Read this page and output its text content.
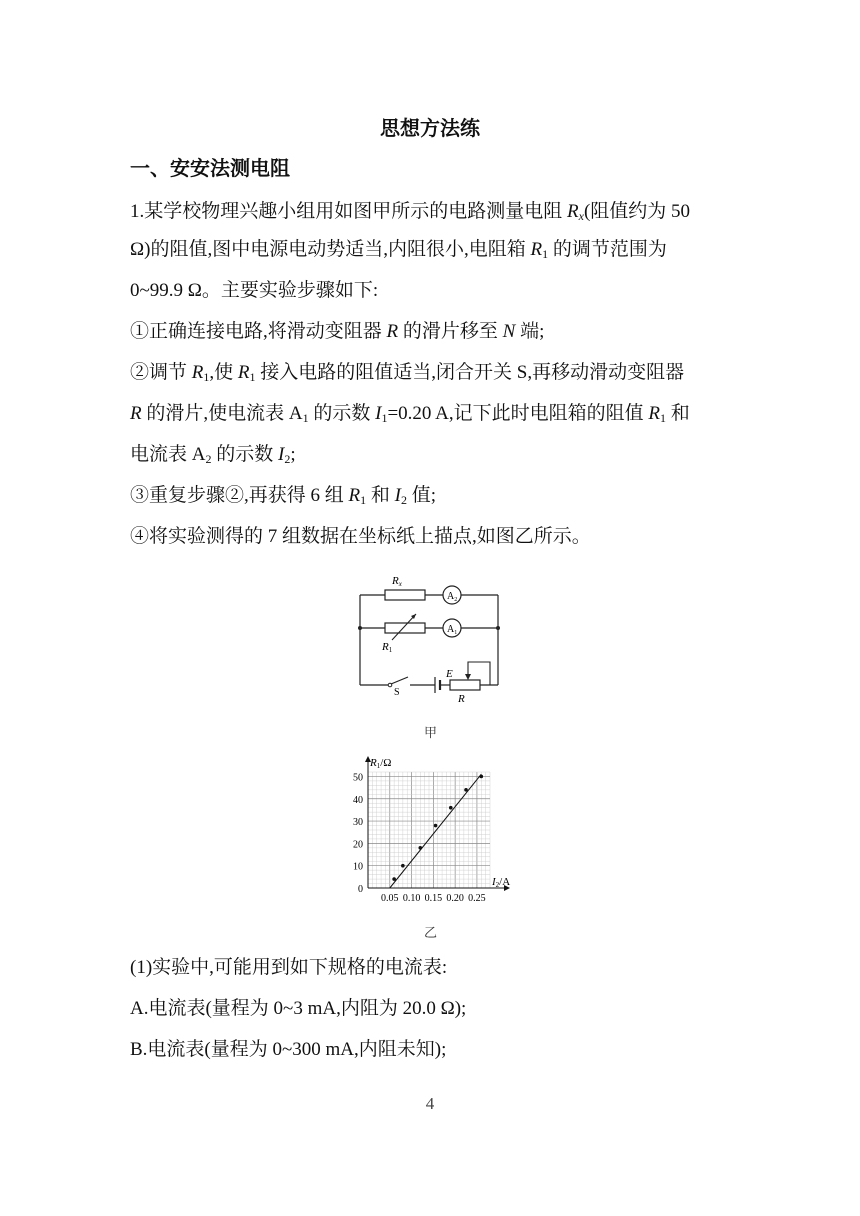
思想方法练
一、安安法测电阻
1.某学校物理兴趣小组用如图甲所示的电路测量电阻 $R_x$(阻值约为 50
Ω)的阻值,图中电源电动势适当,内阻很小,电阻箱 $R_1$ 的调节范围为
0~99.9 Ω。主要实验步骤如下:
①正确连接电路,将滑动变阻器 R 的滑片移至 N 端;
②调节 $R_1$,使 $R_1$ 接入电路的阻值适当,闭合开关 S,再移动滑动变阻器
R 的滑片,使电流表 $A_1$ 的示数 $I_1=0.20$ A,记下此时电阻箱的阻值 $R_1$ 和
电流表 $A_2$ 的示数 $I_2$;
③重复步骤②,再获得 6 组 $R_1$ 和 $I_2$ 值;
④将实验测得的 7 组数据在坐标纸上描点,如图乙所示。
Rx
$A_2$
R1
$A_1$
S
E
R
甲
0.05 0.10 0.15 0.20 0.25
0
10
20
30
40
50
R1/Ω
I2/A
乙
(1)实验中,可能用到如下规格的电流表:
A.电流表(量程为 0~3 mA,内阻为 20.0 Ω);
B.电流表(量程为 0~300 mA,内阻未知);
4
